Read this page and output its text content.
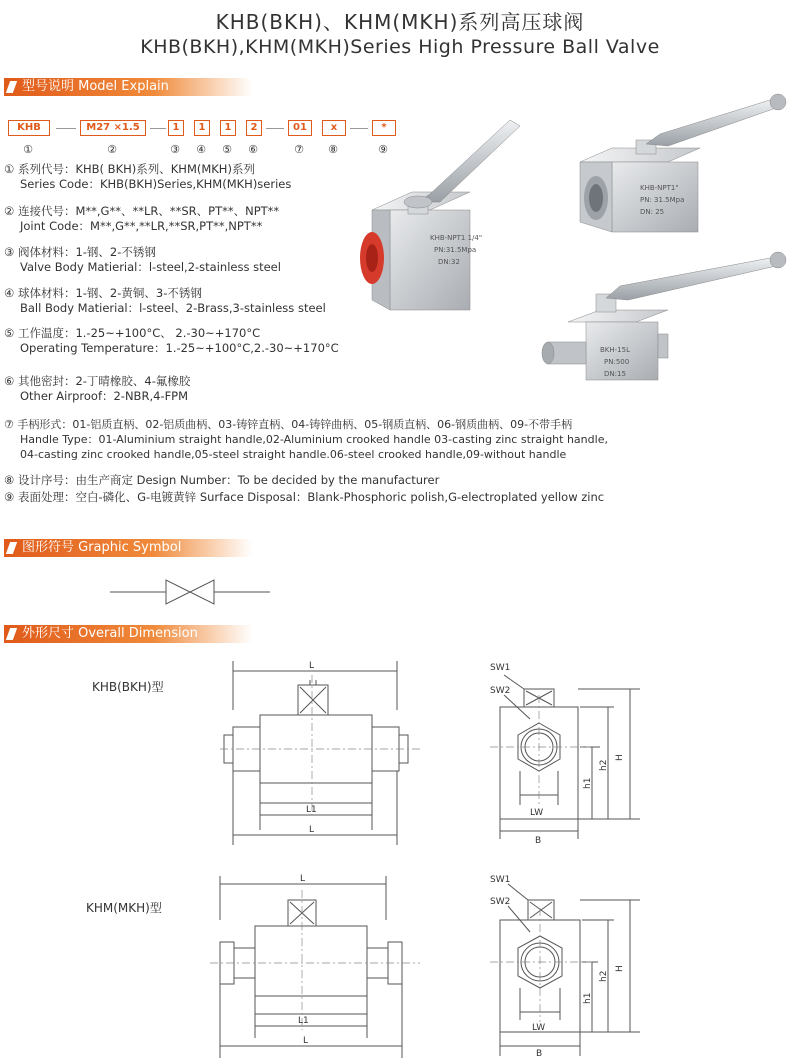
KHB(BKH)、KHM(MKH)系列高压球阀
KHB(BKH),KHM(MKH)Series High Pressure Ball Valve
型号说明 Model Explain
KHB	M27 ×1.5	1	1	1	2	01	x	*
①	②	③ ④ ⑤ ⑥	⑦ ⑧	⑨
① 系列代号：KHB( BKH)系列、KHM(MKH)系列
Series Code：KHB(BKH)Series,KHM(MKH)series
② 连接代号：M**,G**、**LR、**SR、PT**、NPT**
Joint Code：M**,G**,**LR,**SR,PT**,NPT**
③ 阀体材料：1-钢、2-不锈钢
Valve Body Matierial：l-steel,2-stainless steel
④ 球体材料：1-钢、2-黄铜、3-不锈钢
Ball Body Matierial：l-steel、2-Brass,3-stainless steel
⑤ 工作温度：1.-25~+100°C、 2.-30~+170°C
Operating Temperature：1.-25~+100°C,2.-30~+170°C
⑥ 其他密封：2-丁晴橡胶、4-氟橡胶
Other Airproof：2-NBR,4-FPM
⑦ 手柄形式：01-铝质直柄、02-铝质曲柄、03-铸锌直柄、04-铸锌曲柄、05-钢质直柄、06-钢质曲柄、09-不带手柄
Handle Type：01-Aluminium straight handle,02-Aluminium crooked handle 03-casting zinc straight handle,
04-casting zinc crooked handle,05-steel straight handle.06-steel crooked handle,09-without handle
⑧ 设计序号：由生产商定 Design Number：To be decided by the manufacturer
⑨ 表面处理：空白-磷化、G-电镀黄锌 Surface Disposal：Blank-Phosphoric polish,G-electroplated yellow zinc
KHB-NPT1 1/4"
PN:31.5Mpa
DN:32
KHB-NPT1"
PN: 31.5Mpa
DN: 25
BKH-15L
PN:500
DN:15
图形符号 Graphic Symbol
外形尺寸 Overall Dimension
KHB(BKH)型
KHM(MKH)型
L
L1
L
SW1
SW2
LW
B
H
h2
h1
L
L1
L
SW1
SW2
LW
B
H
h2
h1
